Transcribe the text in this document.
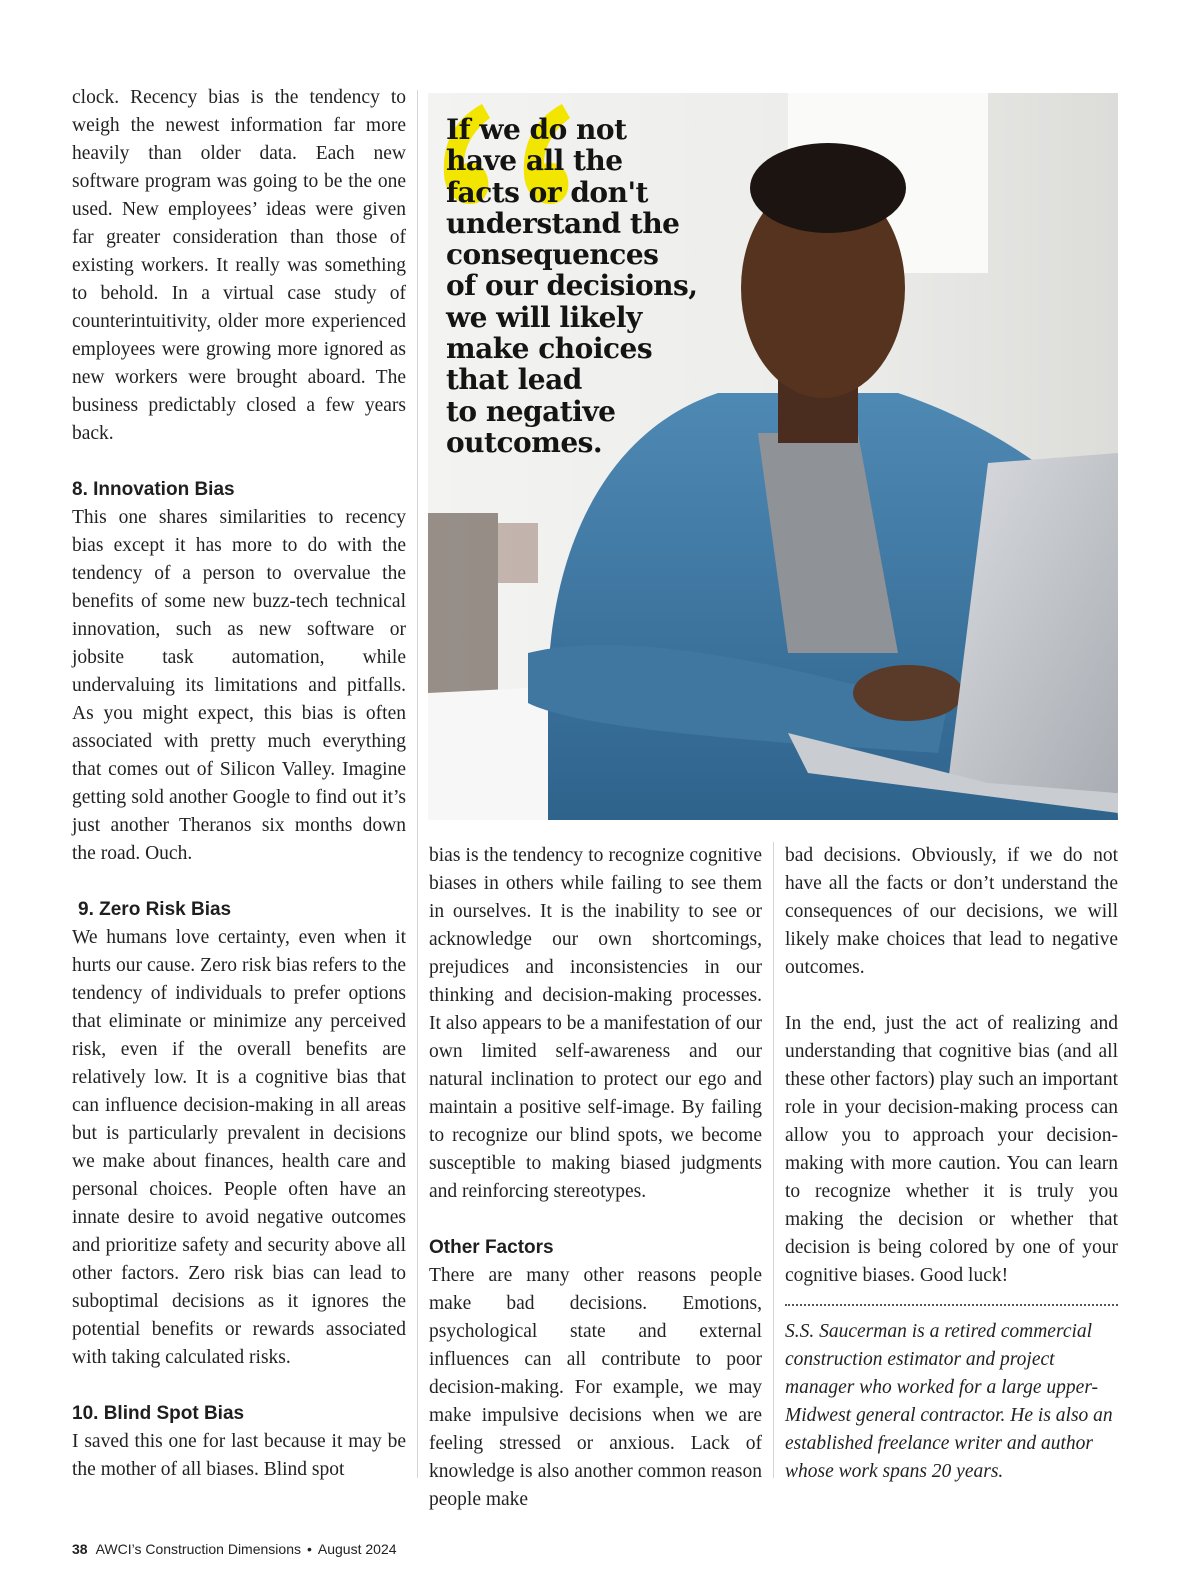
clock. Recency bias is the tendency to weigh the newest information far more heavily than older data. Each new software program was going to be the one used. New employees’ ideas were given far greater consideration than those of existing workers. It really was something to behold. In a virtual case study of counterintuitivity, older more experienced employees were growing more ignored as new workers were brought aboard. The business predictably closed a few years back.

8. Innovation Bias

This one shares similarities to recency bias except it has more to do with the tendency of a person to overvalue the benefits of some new buzz-tech technical innovation, such as new software or jobsite task automation, while undervaluing its limitations and pitfalls. As you might expect, this bias is often associated with pretty much everything that comes out of Silicon Valley. Imagine getting sold another Google to find out it’s just another Theranos six months down the road. Ouch.

9. Zero Risk Bias

We humans love certainty, even when it hurts our cause. Zero risk bias refers to the tendency of individuals to prefer options that eliminate or minimize any perceived risk, even if the overall benefits are relatively low. It is a cognitive bias that can influence decision-making in all areas but is particularly prevalent in decisions we make about finances, health care and personal choices. People often have an innate desire to avoid negative outcomes and prioritize safety and security above all other factors. Zero risk bias can lead to suboptimal decisions as it ignores the potential benefits or rewards associated with taking calculated risks.

10. Blind Spot Bias

I saved this one for last because it may be the mother of all biases. Blind spot

If we do not
have all the
facts or don't
understand the
consequences
of our decisions,
we will likely
make choices
that lead
to negative
outcomes.

bias is the tendency to recognize cognitive biases in others while failing to see them in ourselves. It is the inability to see or acknowledge our own shortcomings, prejudices and inconsistencies in our thinking and decision-making processes. It also appears to be a manifestation of our own limited self-awareness and our natural inclination to protect our ego and maintain a positive self-image. By failing to recognize our blind spots, we become susceptible to making biased judgments and reinforcing stereotypes.

Other Factors

There are many other reasons people make bad decisions. Emotions, psychological state and external influences can all contribute to poor decision-making. For example, we may make impulsive decisions when we are feeling stressed or anxious. Lack of knowledge is also another common reason people make

bad decisions. Obviously, if we do not have all the facts or don’t understand the consequences of our decisions, we will likely make choices that lead to negative outcomes.

In the end, just the act of realizing and understanding that cognitive bias (and all these other factors) play such an important role in your decision-making process can allow you to approach your decision-making with more caution. You can learn to recognize whether it is truly you making the decision or whether that decision is being colored by one of your cognitive biases. Good luck!

S.S. Saucerman is a retired commercial construction estimator and project manager who worked for a large upper-Midwest general contractor. He is also an established freelance writer and author whose work spans 20 years.

38 AWCI’s Construction Dimensions • August 2024
